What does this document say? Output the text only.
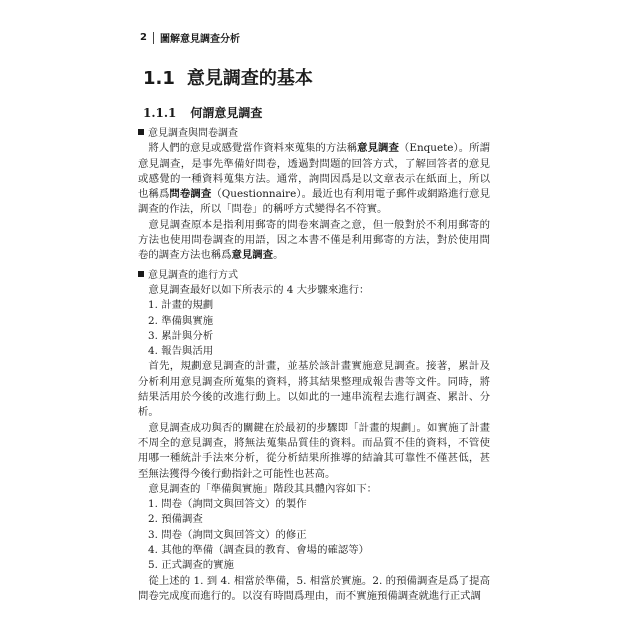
2 圖解意見調查分析
1.1 意見調查的基本
1.1.1 何謂意見調查

意見調查與問卷調查

將人們的意見或感覺當作資料來蒐集的方法稱意見調查（Enquete）。所謂意見調查，是事先準備好問卷，透過對問題的回答方式，了解回答者的意見或感覺的一種資料蒐集方法。通常，詢問因爲是以文章表示在紙面上，所以也稱爲問卷調查（Questionnaire）。最近也有利用電子郵件或網路進行意見調查的作法，所以「問卷」的稱呼方式變得名不符實。

意見調查原本是指利用郵寄的問卷來調查之意，但一般對於不利用郵寄的方法也使用問卷調查的用語，因之本書不僅是利用郵寄的方法，對於使用問卷的調查方法也稱爲意見調查。

意見調查的進行方式

意見調查最好以如下所表示的 4 大步驟來進行：

1. 計畫的規劃

2. 準備與實施

3. 累計與分析

4. 報告與活用

首先，規劃意見調查的計畫，並基於該計畫實施意見調查。接著，累計及分析利用意見調查所蒐集的資料，將其結果整理成報告書等文件。同時，將結果活用於今後的改進行動上。以如此的一連串流程去進行調查、累計、分析。

意見調查成功與否的關鍵在於最初的步驟即「計畫的規劃」。如實施了計畫不周全的意見調查，將無法蒐集品質佳的資料。而品質不佳的資料，不管使用哪一種統計手法來分析，從分析結果所推導的結論其可靠性不僅甚低，甚至無法獲得今後行動指針之可能性也甚高。

意見調查的「準備與實施」階段其具體內容如下：

1. 問卷（詢問文與回答文）的製作

2. 預備調查

3. 問卷（詢問文與回答文）的修正

4. 其他的準備（調查員的教育、會場的確認等）

5. 正式調查的實施

從上述的 1. 到 4. 相當於準備，5. 相當於實施。2. 的預備調查是爲了提高問卷完成度而進行的。以沒有時間爲理由，而不實施預備調查就進行正式調
